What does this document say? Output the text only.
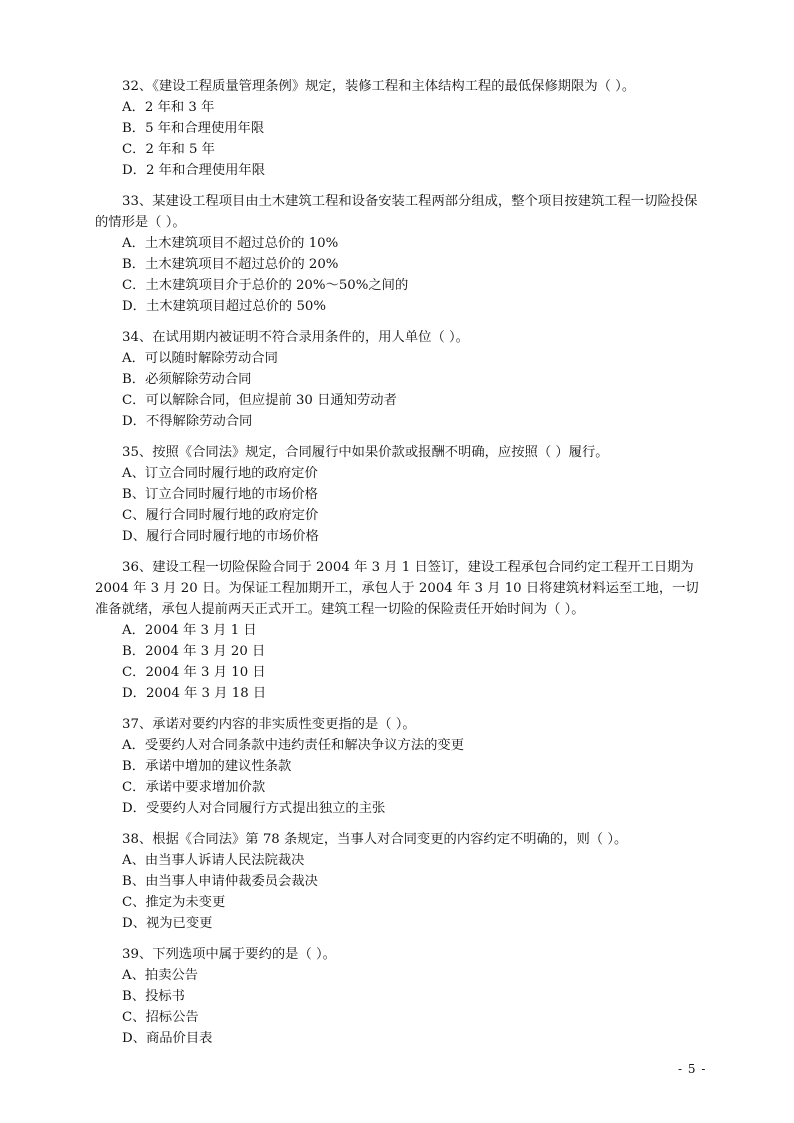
32、《建设工程质量管理条例》规定，装修工程和主体结构工程的最低保修期限为（ ）。

A．2 年和 3 年

B．5 年和合理使用年限

C．2 年和 5 年

D．2 年和合理使用年限

33、某建设工程项目由土木建筑工程和设备安装工程两部分组成，整个项目按建筑工程一切险投保的情形是（ ）。

A．土木建筑项目不超过总价的 10%

B．土木建筑项目不超过总价的 20%

C．土木建筑项目介于总价的 20%～50%之间的

D．土木建筑项目超过总价的 50%

34、在试用期内被证明不符合录用条件的，用人单位（ ）。

A．可以随时解除劳动合同

B．必须解除劳动合同

C．可以解除合同，但应提前 30 日通知劳动者

D．不得解除劳动合同

35、按照《合同法》规定，合同履行中如果价款或报酬不明确，应按照（ ）履行。

A、订立合同时履行地的政府定价

B、订立合同时履行地的市场价格

C、履行合同时履行地的政府定价

D、履行合同时履行地的市场价格

36、建设工程一切险保险合同于 2004 年 3 月 1 日签订，建设工程承包合同约定工程开工日期为 2004 年 3 月 20 日。为保证工程加期开工，承包人于 2004 年 3 月 10 日将建筑材料运至工地，一切准备就绪，承包人提前两天正式开工。建筑工程一切险的保险责任开始时间为（ ）。

A．2004 年 3 月 1 日

B．2004 年 3 月 20 日

C．2004 年 3 月 10 日

D．2004 年 3 月 18 日

37、承诺对要约内容的非实质性变更指的是（ ）。

A．受要约人对合同条款中违约责任和解决争议方法的变更

B．承诺中增加的建议性条款

C．承诺中要求增加价款

D．受要约人对合同履行方式提出独立的主张

38、根据《合同法》第 78 条规定，当事人对合同变更的内容约定不明确的，则（ ）。

A、由当事人诉请人民法院裁决

B、由当事人申请仲裁委员会裁决

C、推定为未变更

D、视为已变更

39、下列选项中属于要约的是（ ）。

A、拍卖公告

B、投标书

C、招标公告

D、商品价目表

- 5 -
